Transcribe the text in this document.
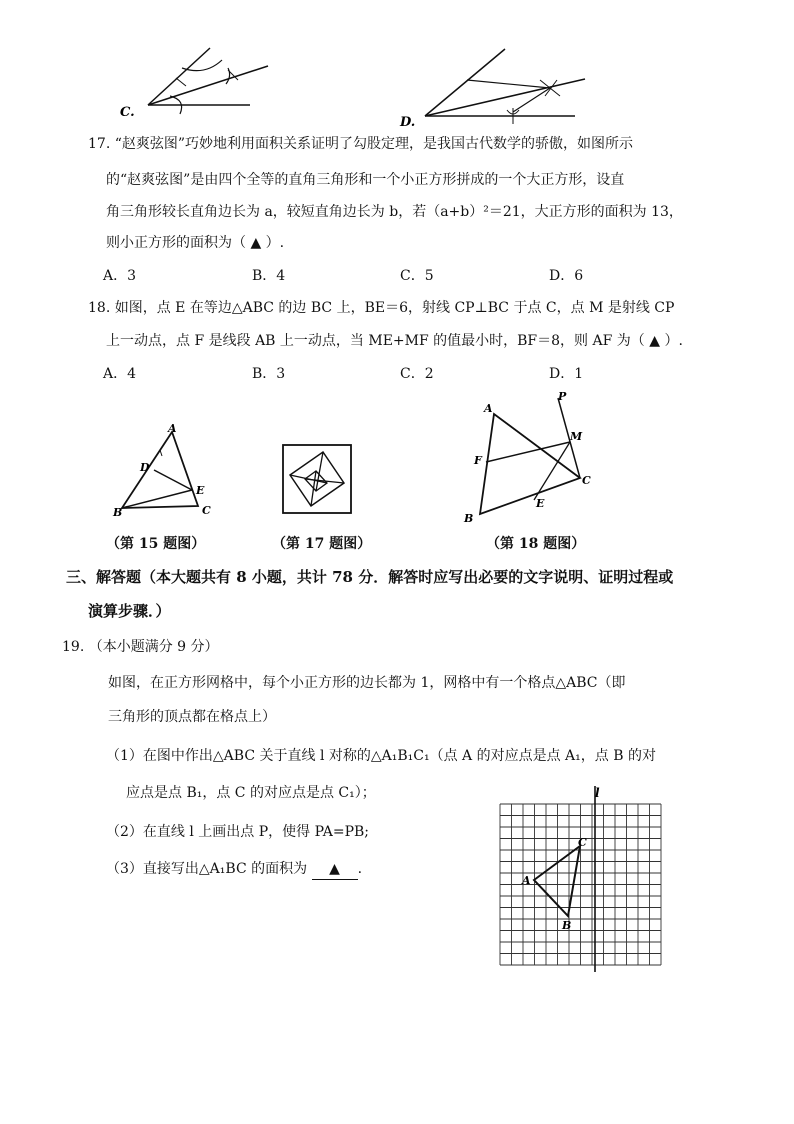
C.
D.
17. “赵爽弦图”巧妙地利用面积关系证明了勾股定理，是我国古代数学的骄傲，如图所示
的“赵爽弦图”是由四个全等的直角三角形和一个小正方形拼成的一个大正方形，设直
角三角形较长直角边长为 a，较短直角边长为 b，若（a+b）²＝21，大正方形的面积为 13，
则小正方形的面积为（ ▲ ）.
A．3	B．4	C．5	D．6
18. 如图，点 E 在等边△ABC 的边 BC 上，BE＝6，射线 CP⊥BC 于点 C，点 M 是射线 CP
上一动点，点 F 是线段 AB 上一动点，当 ME+MF 的值最小时，BF＝8，则 AF 为（ ▲ ）.
A．4	B．3	C．2	D．1
A
D
E
B	C
A
P
M
F
C
E
B
（第 15 题图）	（第 17 题图）	（第 18 题图）
三、解答题（本大题共有 8 小题，共计 78 分．解答时应写出必要的文字说明、证明过程或
演算步骤．）
19. （本小题满分 9 分）
如图，在正方形网格中，每个小正方形的边长都为 1，网格中有一个格点△ABC（即
三角形的顶点都在格点上）
（1）在图中作出△ABC 关于直线 l 对称的△A₁B₁C₁（点 A 的对应点是点 A₁，点 B 的对
应点是点 B₁，点 C 的对应点是点 C₁）；
（2）在直线 l 上画出点 P，使得 PA=PB;
（3）直接写出△A₁BC 的面积为 ▲ .
l
A
B
C
